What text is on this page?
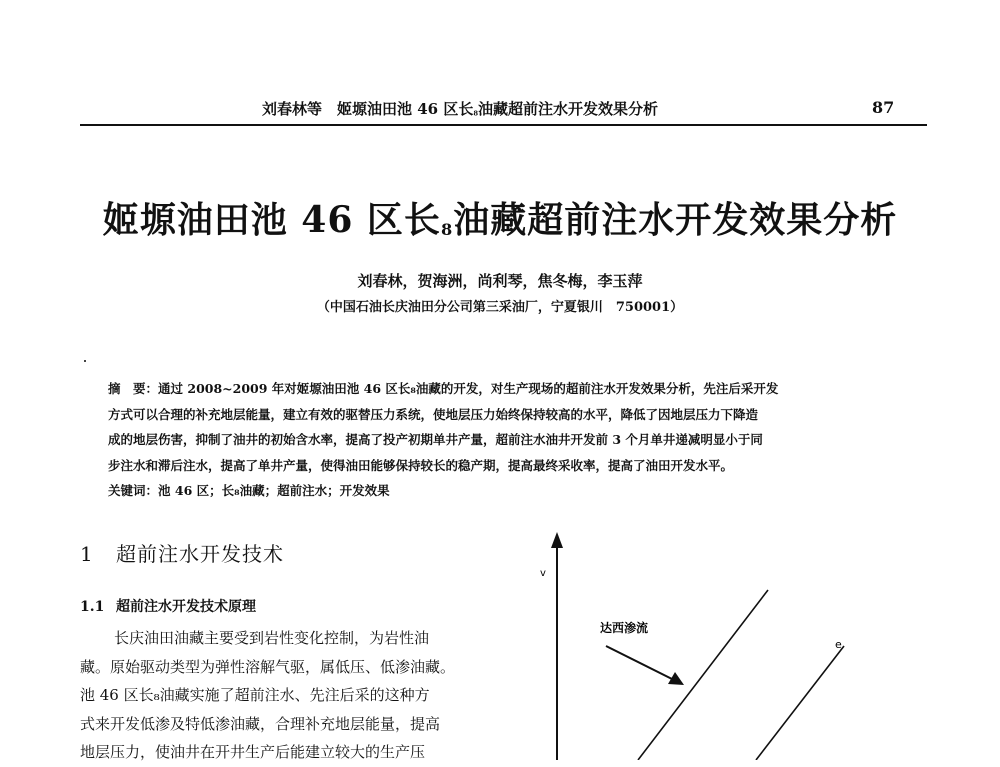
刘春林等　姬塬油田池 46 区长$_8$油藏超前注水开发效果分析	87
姬塬油田池 46 区长$_8$油藏超前注水开发效果分析
刘春林，贺海洲，尚利琴，焦冬梅，李玉萍
（中国石油长庆油田分公司第三采油厂，宁夏银川　750001）
摘　要：通过 2008~2009 年对姬塬油田池 46 区长₈油藏的开发，对生产现场的超前注水开发效果分析，先注后采开发
方式可以合理的补充地层能量，建立有效的驱替压力系统，使地层压力始终保持较高的水平，降低了因地层压力下降造
成的地层伤害，抑制了油井的初始含水率，提高了投产初期单井产量，超前注水油井开发前 3 个月单井递减明显小于同
步注水和滞后注水，提高了单井产量，使得油田能够保持较长的稳产期，提高最终采收率，提高了油田开发水平。
关键词：池 46 区；长₈油藏；超前注水；开发效果
1 超前注水开发技术
1.1 超前注水开发技术原理
长庆油田油藏主要受到岩性变化控制，为岩性油
藏。原始驱动类型为弹性溶解气驱，属低压、低渗油藏。
池 46 区长₈油藏实施了超前注水、先注后采的这种方
式来开发低渗及特低渗油藏，合理补充地层能量，提高
地层压力，使油井在开井生产后能建立较大的生产压
v
达西渗流
e
